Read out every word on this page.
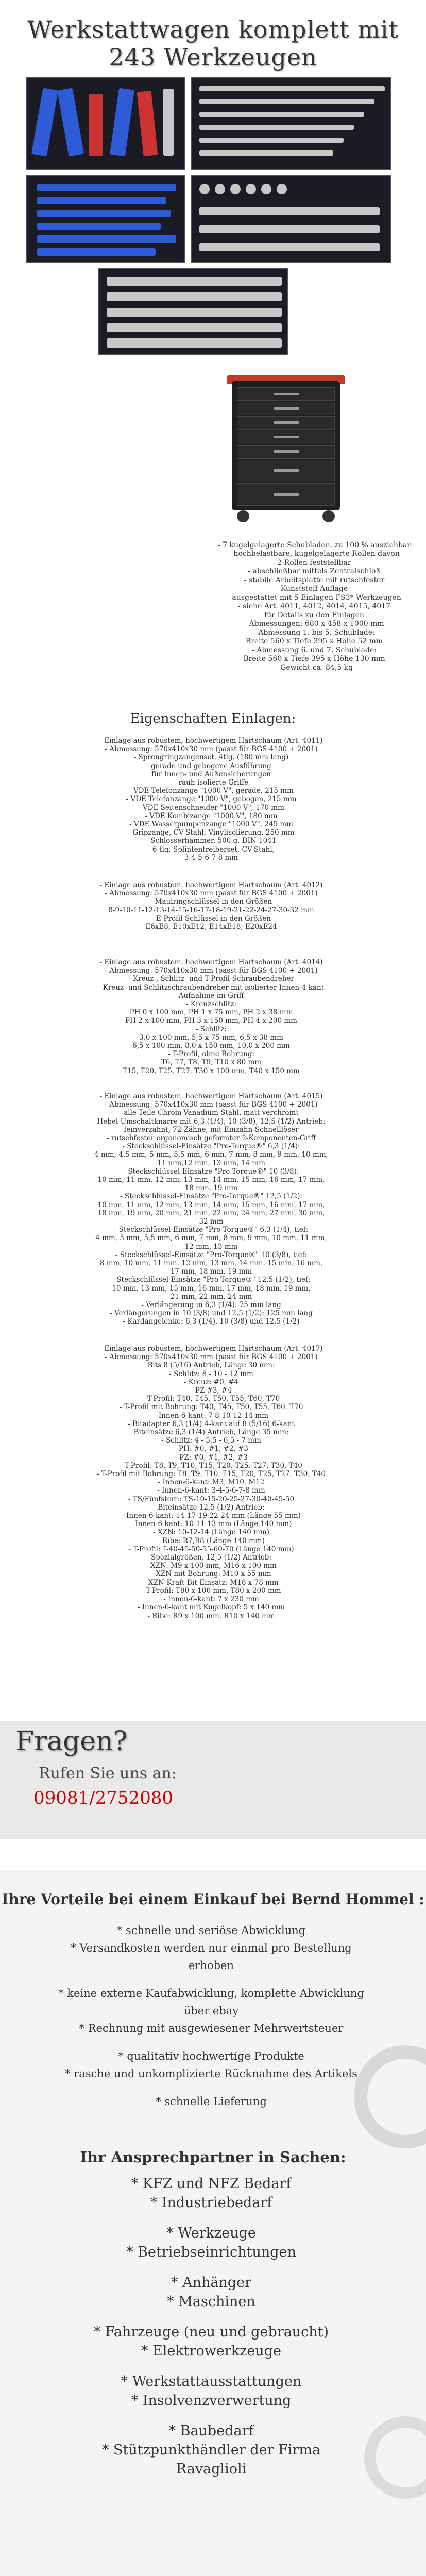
Werkstattwagen komplett mit
243 Werkzeugen
- 7 kugelgelagerte Schubladen, zu 100 % ausziehbar
- hochbelastbare, kugelgelagerte Rollen davon
2 Rollen feststellbar
- abschließbar mittels Zentralschloß
- stabile Arbeitsplatte mit rutschfester
Kunststoff-Auflage
- ausgestattet mit 5 Einlagen FS3* Werkzeugen
- siehe Art. 4011, 4012, 4014, 4015, 4017
für Details zu den Einlagen
- Abmessungen: 680 x 458 x 1000 mm
- Abmessung 1. bis 5. Schublade:
Breite 560 x Tiefe 395 x Höhe 52 mm
- Abmessung 6. und 7. Schublade:
Breite 560 x Tiefe 395 x Höhe 130 mm
- Gewicht ca. 84,5 kg
Eigenschaften Einlagen:

- Einlage aus robustem, hochwertigem Hartschaum (Art. 4011)

- Abmessung: 570x410x30 mm (passt für BGS 4100 + 2001)

- Sprengringzangenset, 4tlg. (180 mm lang)

gerade und gebogene Ausführung

für Innen- und Außensicherungen

- rauh isolierte Griffe

- VDE Telefonzange "1000 V", gerade, 215 mm

- VDE Telefonzange "1000 V", gebogen, 215 mm

- VDE Seitenschneider "1000 V", 170 mm

- VDE Kombizange "1000 V", 180 mm

- VDE Wasserpumpenzange "1000 V", 245 mm

- Gripzange, CV-Stahl, Vinylisolierung, 250 mm

- Schlosserhammer, 500 g, DIN 1041

- 6-tlg. Splintentreiberset, CV-Stahl,

3-4-5-6-7-8 mm

- Einlage aus robustem, hochwertigem Hartschaum (Art. 4012)

- Abmessung: 570x410x30 mm (passt für BGS 4100 + 2001)

- Maulringschlüssel in den Größen

8-9-10-11-12-13-14-15-16-17-18-19-21-22-24-27-30-32 mm

- E-Profil-Schlüssel in den Größen

E6xE8, E10xE12, E14xE18, E20xE24

- Einlage aus robustem, hochwertigem Hartschaum (Art. 4014)

- Abmessung: 570x410x30 mm (passt für BGS 4100 + 2001)

- Kreuz-, Schlitz- und T-Profil-Schraubendreher

- Kreuz- und Schlitzschraubendreher mit isolierter Innen-4-kant

Aufnahme im Griff

- Kreuzschlitz:

PH 0 x 100 mm, PH 1 x 75 mm, PH 2 x 38 mm

PH 2 x 100 mm, PH 3 x 150 mm, PH 4 x 200 mm

- Schlitz:

3,0 x 100 mm, 5,5 x 75 mm, 6,5 x 38 mm

6,5 x 100 mm, 8,0 x 150 mm, 10,0 x 200 mm

- T-Profil, ohne Bohrung:

T6, T7, T8, T9, T10 x 80 mm

T15, T20, T25, T27, T30 x 100 mm, T40 x 150 mm

- Einlage aus robustem, hochwertigem Hartschaum (Art. 4015)

- Abmessung: 570x410x30 mm (passt für BGS 4100 + 2001)

alle Teile Chrom-Vanadium-Stahl, matt verchromt

Hebel-Umschaltknarre mit 6,3 (1/4), 10 (3/8), 12,5 (1/2) Antrieb:

feinverzahnt, 72 Zähne, mit Einzahn-Schnelllöser

- rutschfester ergonomisch geformter 2-Komponenten-Griff

- Steckschlüssel-Einsätze "Pro-Torque®" 6,3 (1/4):

4 mm, 4,5 mm, 5 mm, 5,5 mm, 6 mm, 7 mm, 8 mm, 9 mm, 10 mm,

11 mm,12 mm, 13 mm, 14 mm

- Steckschlüssel-Einsätze "Pro-Torque®" 10 (3/8):

10 mm, 11 mm, 12 mm, 13 mm, 14 mm, 15 mm, 16 mm, 17 mm,

18 mm, 19 mm

- Steckschlüssel-Einsätze "Pro-Torque®" 12,5 (1/2):

10 mm, 11 mm, 12 mm, 13 mm, 14 mm, 15 mm, 16 mm, 17 mm,

18 mm, 19 mm, 20 mm, 21 mm, 22 mm, 24 mm, 27 mm, 30 mm,

32 mm

- Steckschlüssel-Einsätze "Pro-Torque®" 6,3 (1/4), tief:

4 mm, 5 mm, 5,5 mm, 6 mm, 7 mm, 8 mm, 9 mm, 10 mm, 11 mm,

12 mm, 13 mm

- Steckschlüssel-Einsätze "Pro-Torque®" 10 (3/8), tief:

8 mm, 10 mm, 11 mm, 12 mm, 13 mm, 14 mm, 15 mm, 16 mm,

17 mm, 18 mm, 19 mm

- Steckschlüssel-Einsätze "Pro-Torque®" 12,5 (1/2), tief:

10 mm, 13 mm, 15 mm, 16 mm, 17 mm, 18 mm, 19 mm,

21 mm, 22 mm, 24 mm

- Verlängerung in 6,3 (1/4): 75 mm lang

- Verlängerungen in 10 (3/8) und 12,5 (1/2): 125 mm lang

- Kardangelenke: 6,3 (1/4), 10 (3/8) und 12,5 (1/2)

- Einlage aus robustem, hochwertigem Hartschaum (Art. 4017)

- Abmessung: 570x410x30 mm (passt für BGS 4100 + 2001)

Bits 8 (5/16) Antrieb, Länge 30 mm:

- Schlitz: 8 - 10 - 12 mm

- Kreuz: #0, #4

- PZ #3, #4

- T-Profil: T40, T45, T50, T55, T60, T70

- T-Profil mit Bohrung: T40, T45, T50, T55, T60, T70

- Innen-6-kant: 7-8-10-12-14 mm

- Bitadapter 6,3 (1/4) 4-kant auf 8 (5/16) 6-kant

Biteinsätze 6,3 (1/4) Antrieb, Länge 35 mm:

- Schlitz: 4 - 5,5 - 6,5 - 7 mm

- PH: #0, #1, #2, #3

- PZ: #0, #1, #2, #3

- T-Profil: T8, T9, T10, T15, T20, T25, T27, T30, T40

- T-Profil mit Bohrung: T8, T9, T10, T15, T20, T25, T27, T30, T40

- Innen-6-kant: M3, M10, M12

- Innen-6-kant: 3-4-5-6-7-8 mm

- TS/Fünfstern: TS-10-15-20-25-27-30-40-45-50

Biteinsätze 12,5 (1/2) Antrieb:

- Innen-6-kant: 14-17-19-22-24 mm (Länge 55 mm)

- Innen-6-kant: 10-11-13 mm (Länge 140 mm)

- XZN: 10-12-14 (Länge 140 mm)

- Ribe: R7,R8 (Länge 140 mm)

- T-Profil: T-40-45-50-55-60-70 (Länge 140 mm)

Spezialgrößen, 12,5 (1/2) Antrieb:

- XZN: M9 x 100 mm, M16 x 100 mm

- XZN mit Bohrung: M10 x 55 mm

- XZN-Kraft-Bit-Einsatz: M18 x 78 mm

- T-Profil: T80 x 100 mm, T80 x 200 mm

- Innen-6-kant: 7 x 230 mm

- Innen-6-kant mit Kugelkopf: 5 x 140 mm

- Ribe: R9 x 100 mm, R10 x 140 mm

Fragen?
Rufen Sie uns an:
09081/2752080
Ihre Vorteile bei einem Einkauf bei Bernd Hommel :
* schnelle und seriöse Abwicklung
* Versandkosten werden nur einmal pro Bestellung erhoben
* keine externe Kaufabwicklung, komplette Abwicklung über ebay
* Rechnung mit ausgewiesener Mehrwertsteuer
* qualitativ hochwertige Produkte
* rasche und unkomplizierte Rücknahme des Artikels
* schnelle Lieferung
Ihr Ansprechpartner in Sachen:
* KFZ und NFZ Bedarf
* Industriebedarf
* Werkzeuge
* Betriebseinrichtungen
* Anhänger
* Maschinen
* Fahrzeuge (neu und gebraucht)
* Elektrowerkzeuge
* Werkstattausstattungen
* Insolvenzverwertung
* Baubedarf
* Stützpunkthändler der Firma Ravaglioli
